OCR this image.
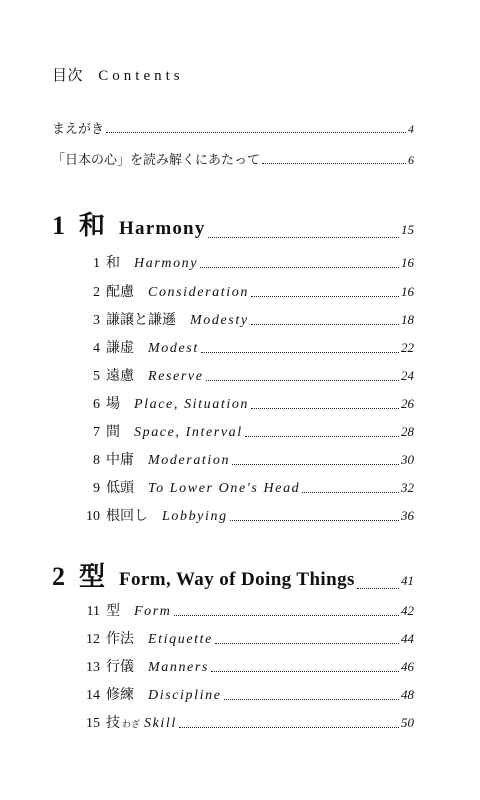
目次 Contents
まえがき	4
「日本の心」を読み解くにあたって	6
1 和 Harmony	15
1 和 Harmony	16
2 配慮 Consideration	16
3 謙譲と謙遜 Modesty	18
4 謙虚 Modest	22
5 遠慮 Reserve	24
6 場 Place, Situation	26
7 間 Space, Interval	28
8 中庸 Moderation	30
9 低頭 To Lower One's Head	32
10 根回し Lobbying	36
2 型 Form, Way of Doing Things	41
11 型 Form	42
12 作法 Etiquette	44
13 行儀 Manners	46
14 修練 Discipline	48
15 技 わざ Skill	50
